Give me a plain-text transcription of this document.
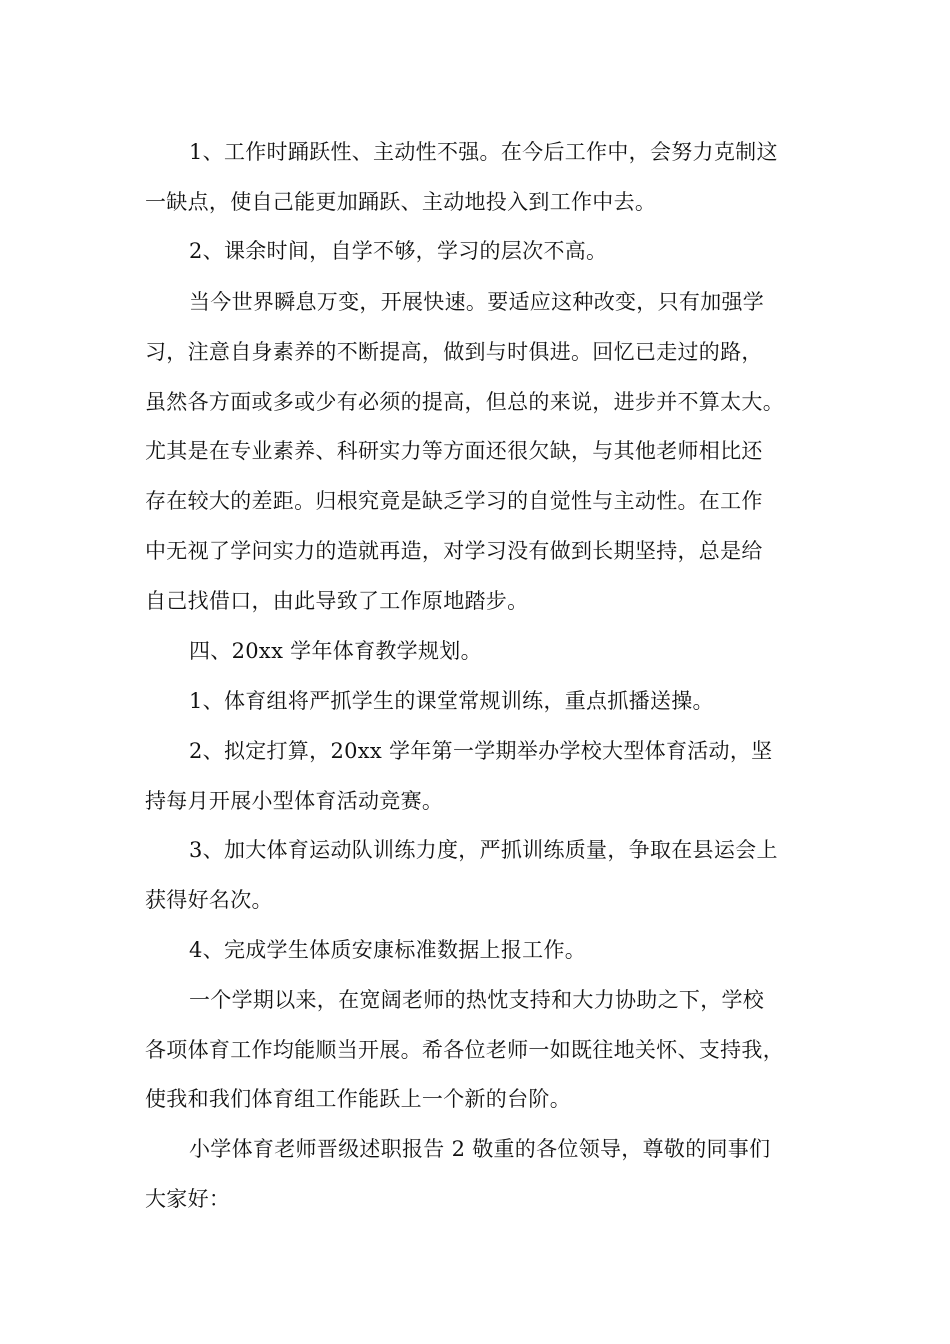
1、工作时踊跃性、主动性不强。在今后工作中，会努力克制这
一缺点，使自己能更加踊跃、主动地投入到工作中去。
2、课余时间，自学不够，学习的层次不高。
当今世界瞬息万变，开展快速。要适应这种改变，只有加强学
习，注意自身素养的不断提高，做到与时俱进。回忆已走过的路，
虽然各方面或多或少有必须的提高，但总的来说，进步并不算太大。
尤其是在专业素养、科研实力等方面还很欠缺，与其他老师相比还
存在较大的差距。归根究竟是缺乏学习的自觉性与主动性。在工作
中无视了学问实力的造就再造，对学习没有做到长期坚持，总是给
自己找借口，由此导致了工作原地踏步。
四、20xx 学年体育教学规划。
1、体育组将严抓学生的课堂常规训练，重点抓播送操。
2、拟定打算，20xx 学年第一学期举办学校大型体育活动，坚
持每月开展小型体育活动竞赛。
3、加大体育运动队训练力度，严抓训练质量，争取在县运会上
获得好名次。
4、完成学生体质安康标准数据上报工作。
一个学期以来，在宽阔老师的热忱支持和大力协助之下，学校
各项体育工作均能顺当开展。希各位老师一如既往地关怀、支持我，
使我和我们体育组工作能跃上一个新的台阶。
小学体育老师晋级述职报告 2 敬重的各位领导，尊敬的同事们
大家好：
